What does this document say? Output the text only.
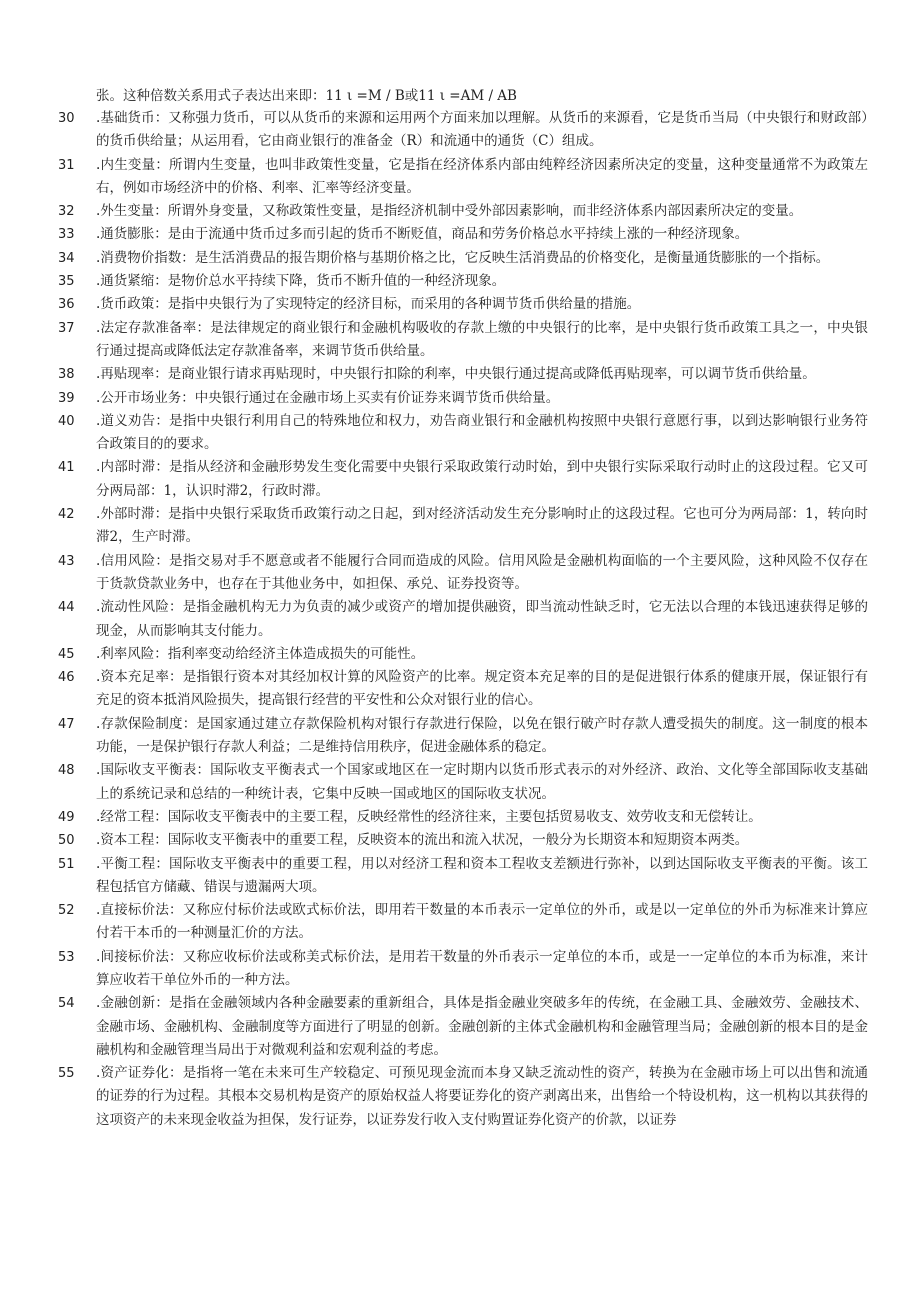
张。这种倍数关系用式子表达出来即：11 ι =M / B或11 ι =AM / AB
30	.基础货币：又称强力货币，可以从货币的来源和运用两个方面来加以理解。从货币的来源看，它是货币当局（中央银行和财政部）的货币供给量；从运用看，它由商业银行的准备金（R）和流通中的通货（C）组成。
31	.内生变量：所谓内生变量，也叫非政策性变量，它是指在经济体系内部由纯粹经济因素所决定的变量，这种变量通常不为政策左右，例如市场经济中的价格、利率、汇率等经济变量。
32	.外生变量：所谓外身变量，又称政策性变量，是指经济机制中受外部因素影响，而非经济体系内部因素所决定的变量。
33	.通货膨胀：是由于流通中货币过多而引起的货币不断贬值，商品和劳务价格总水平持续上涨的一种经济现象。
34	.消费物价指数：是生活消费品的报告期价格与基期价格之比，它反映生活消费品的价格变化，是衡量通货膨胀的一个指标。
35	.通货紧缩：是物价总水平持续下降，货币不断升值的一种经济现象。
36	.货币政策：是指中央银行为了实现特定的经济目标，而采用的各种调节货币供给量的措施。
37	.法定存款准备率：是法律规定的商业银行和金融机构吸收的存款上缴的中央银行的比率，是中央银行货币政策工具之一，中央银行通过提高或降低法定存款准备率，来调节货币供给量。
38	.再贴现率：是商业银行请求再贴现时，中央银行扣除的利率，中央银行通过提高或降低再贴现率，可以调节货币供给量。
39	.公开市场业务：中央银行通过在金融市场上买卖有价证券来调节货币供给量。
40	.道义劝告：是指中央银行利用自己的特殊地位和权力，劝告商业银行和金融机构按照中央银行意愿行事，以到达影响银行业务符合政策目的的要求。
41	.内部时滞：是指从经济和金融形势发生变化需要中央银行采取政策行动时始，到中央银行实际采取行动时止的这段过程。它又可分两局部：1，认识时滞2，行政时滞。
42	.外部时滞：是指中央银行采取货币政策行动之日起，到对经济活动发生充分影响时止的这段过程。它也可分为两局部：1，转向时滞2，生产时滞。
43	.信用风险：是指交易对手不愿意或者不能履行合同而造成的风险。信用风险是金融机构面临的一个主要风险，这种风险不仅存在于货款贷款业务中，也存在于其他业务中，如担保、承兑、证券投资等。
44	.流动性风险：是指金融机构无力为负责的减少或资产的增加提供融资，即当流动性缺乏时，它无法以合理的本钱迅速获得足够的现金，从而影响其支付能力。
45	.利率风险：指利率变动给经济主体造成损失的可能性。
46	.资本充足率：是指银行资本对其经加权计算的风险资产的比率。规定资本充足率的目的是促进银行体系的健康开展，保证银行有充足的资本抵消风险损失，提高银行经营的平安性和公众对银行业的信心。
47	.存款保险制度：是国家通过建立存款保险机构对银行存款进行保险，以免在银行破产时存款人遭受损失的制度。这一制度的根本功能，一是保护银行存款人利益；二是维持信用秩序，促进金融体系的稳定。
48	.国际收支平衡表：国际收支平衡表式一个国家或地区在一定时期内以货币形式表示的对外经济、政治、文化等全部国际收支基础上的系统记录和总结的一种统计表，它集中反映一国或地区的国际收支状况。
49	.经常工程：国际收支平衡表中的主要工程，反映经常性的经济往来，主要包括贸易收支、效劳收支和无偿转让。
50	.资本工程：国际收支平衡表中的重要工程，反映资本的流出和流入状况，一般分为长期资本和短期资本两类。
51	.平衡工程：国际收支平衡表中的重要工程，用以对经济工程和资本工程收支差额进行弥补，以到达国际收支平衡表的平衡。该工程包括官方储藏、错误与遗漏两大项。
52	.直接标价法：又称应付标价法或欧式标价法，即用若干数量的本币表示一定单位的外币，或是以一定单位的外币为标准来计算应付若干本币的一种测量汇价的方法。
53	.间接标价法：又称应收标价法或称美式标价法，是用若干数量的外币表示一定单位的本币，或是一一定单位的本币为标准，来计算应收若干单位外币的一种方法。
54	.金融创新：是指在金融领域内各种金融要素的重新组合，具体是指金融业突破多年的传统，在金融工具、金融效劳、金融技术、金融市场、金融机构、金融制度等方面进行了明显的创新。金融创新的主体式金融机构和金融管理当局；金融创新的根本目的是金融机构和金融管理当局出于对微观利益和宏观利益的考虑。
55	.资产证券化：是指将一笔在未来可生产较稳定、可预见现金流而本身又缺乏流动性的资产，转换为在金融市场上可以出售和流通的证券的行为过程。其根本交易机构是资产的原始权益人将要证券化的资产剥离出来，出售给一个特设机构，这一机构以其获得的这项资产的未来现金收益为担保，发行证券，以证券发行收入支付购置证券化资产的价款，以证券
